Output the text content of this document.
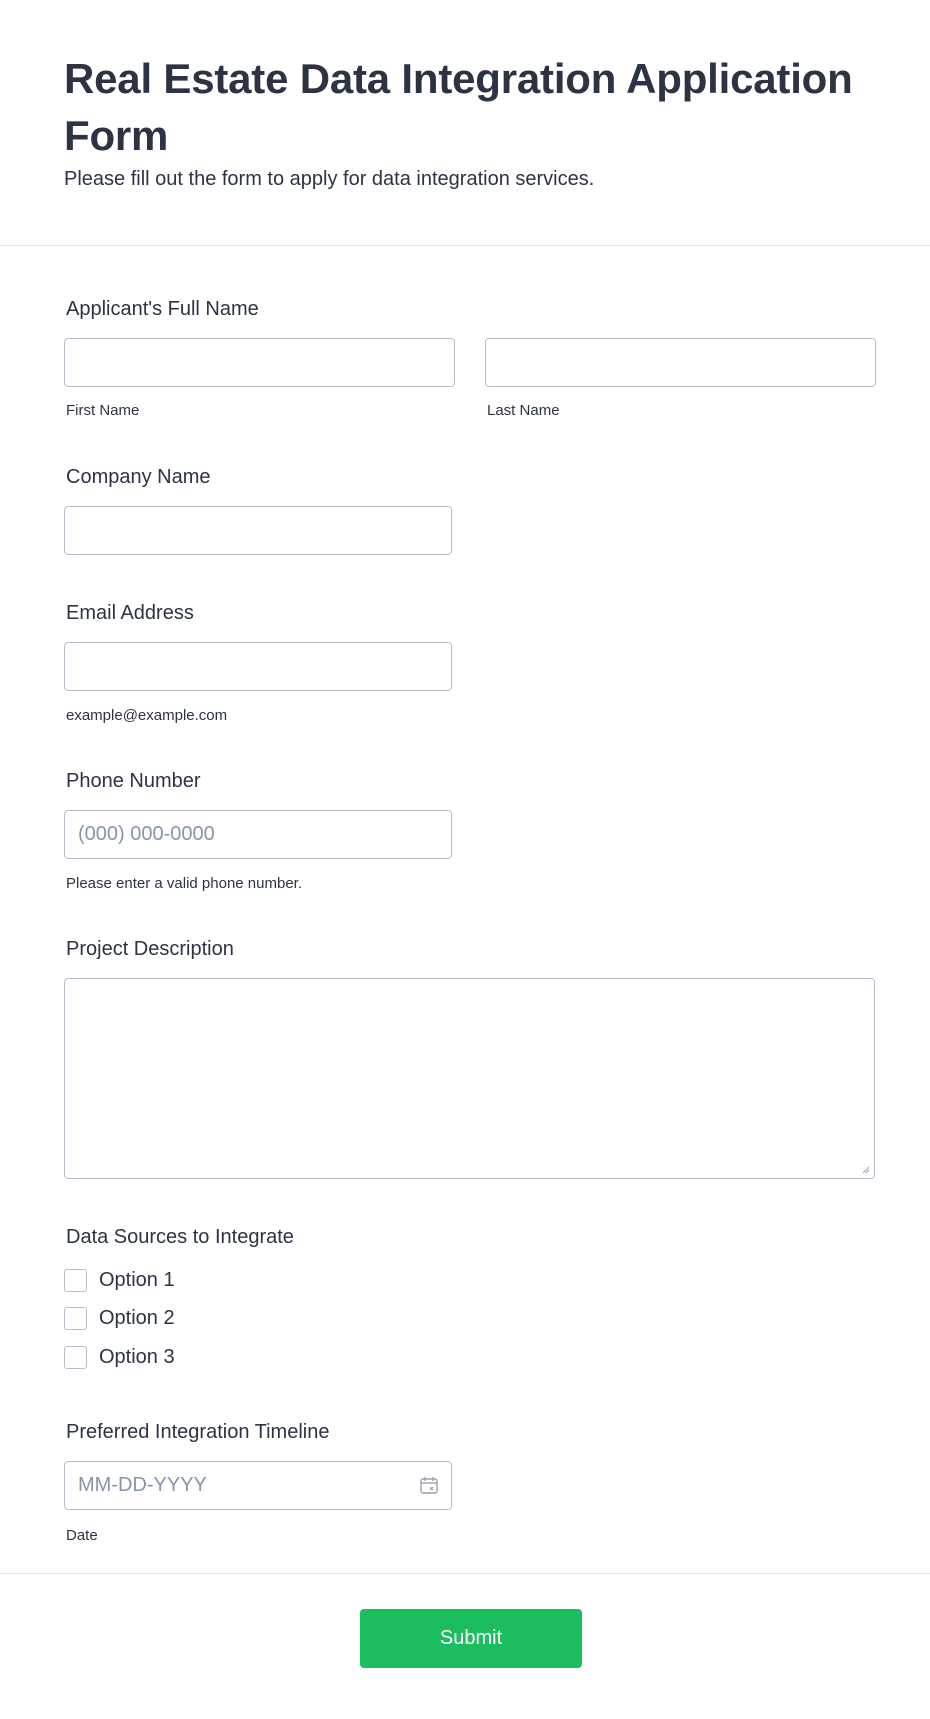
Real Estate Data Integration Application Form
Please fill out the form to apply for data integration services.
Applicant's Full Name
First Name	Last Name
Company Name
Email Address
example@example.com
Phone Number
(000) 000-0000
Please enter a valid phone number.
Project Description
Data Sources to Integrate
Option 1
Option 2
Option 3
Preferred Integration Timeline
MM-DD-YYYY
Date
Submit
